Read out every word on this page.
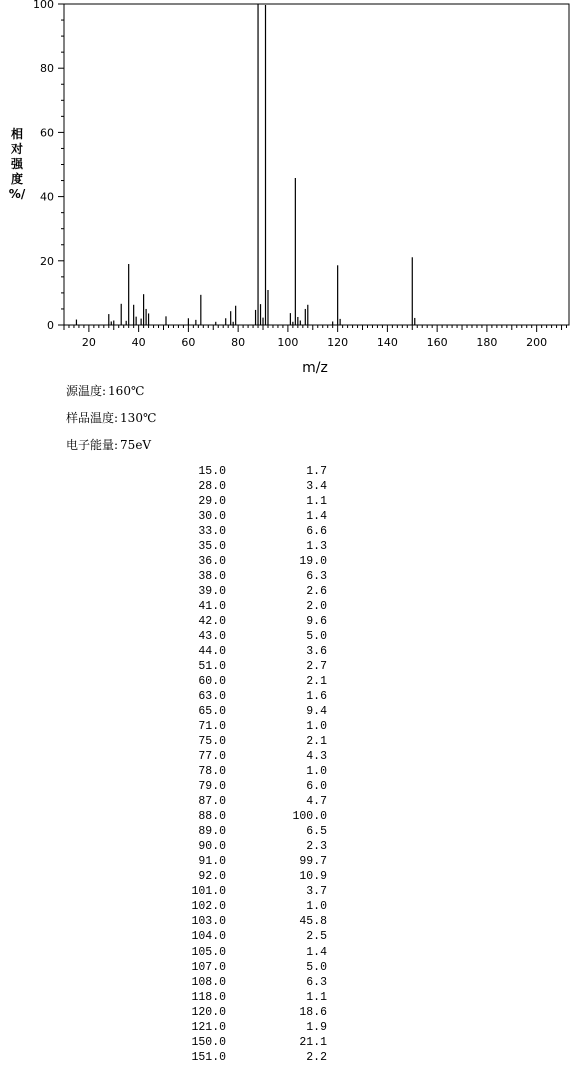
0
20
40
60
80
100
20	40	60	80	100	120	140	160	180	200
相
对
强
度
%/
m/z
源温度: 160℃
样品温度: 130℃
电子能量: 75eV
15.0	1.7
28.0	3.4
29.0	1.1
30.0	1.4
33.0	6.6
35.0	1.3
36.0	19.0
38.0	6.3
39.0	2.6
41.0	2.0
42.0	9.6
43.0	5.0
44.0	3.6
51.0	2.7
60.0	2.1
63.0	1.6
65.0	9.4
71.0	1.0
75.0	2.1
77.0	4.3
78.0	1.0
79.0	6.0
87.0	4.7
88.0	100.0
89.0	6.5
90.0	2.3
91.0	99.7
92.0	10.9
101.0	3.7
102.0	1.0
103.0	45.8
104.0	2.5
105.0	1.4
107.0	5.0
108.0	6.3
118.0	1.1
120.0	18.6
121.0	1.9
150.0	21.1
151.0	2.2
